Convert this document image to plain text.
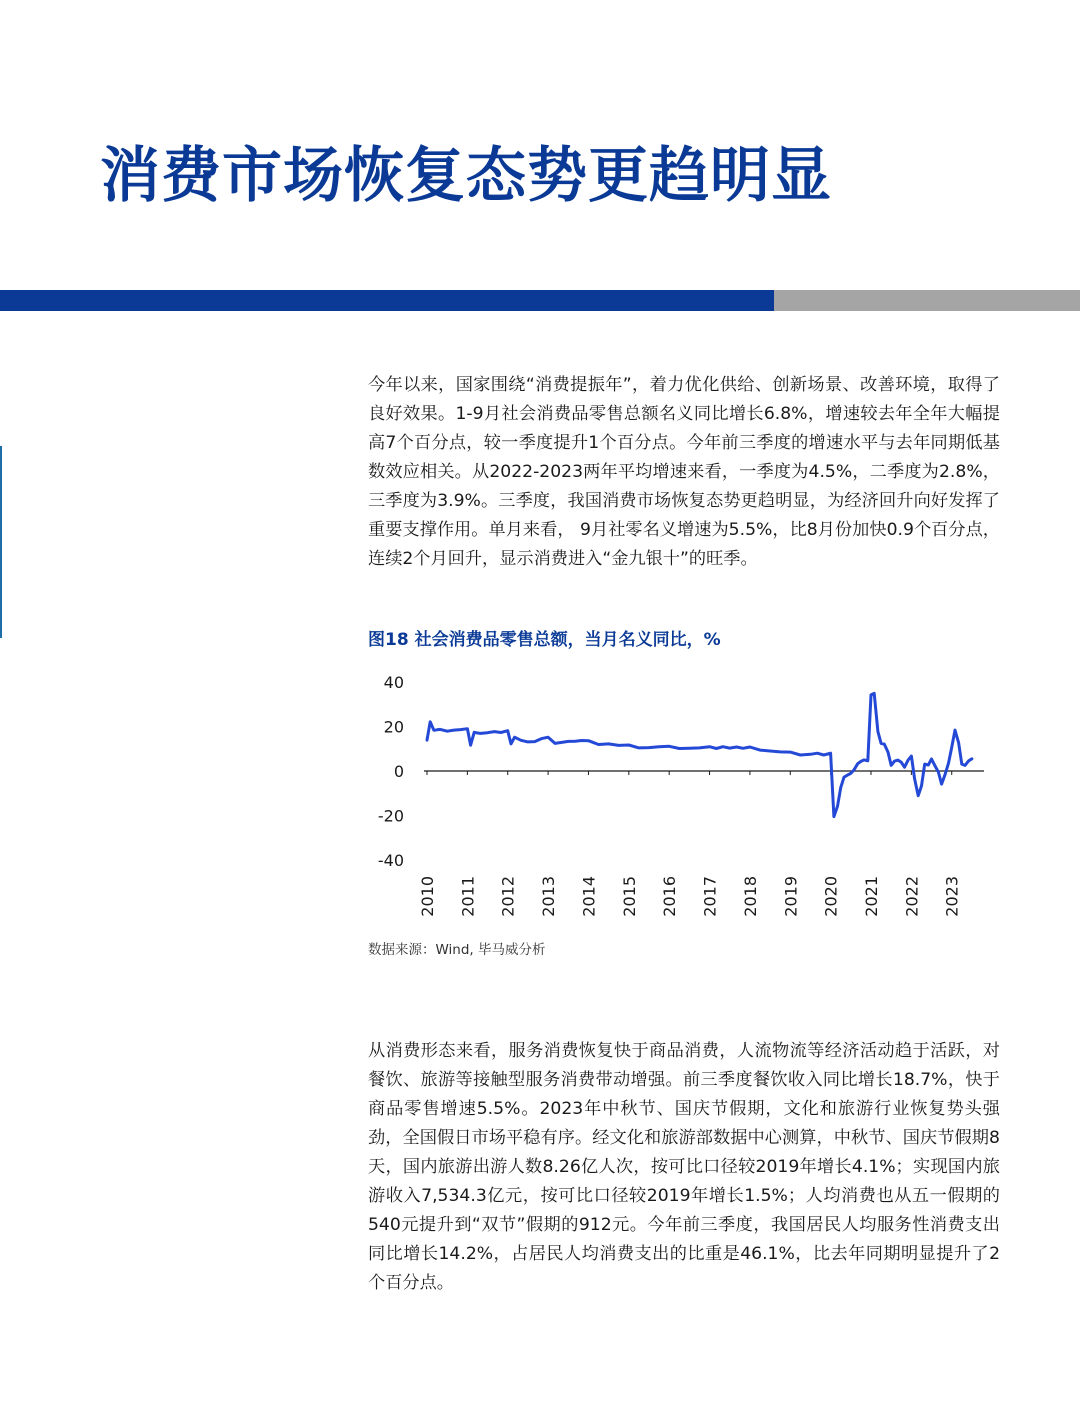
消费市场恢复态势更趋明显

今年以来，国家围绕“消费提振年”，着力优化供给、创新场景、改善环境，取得了良好效果。1-9月社会消费品零售总额名义同比增长6.8%，增速较去年全年大幅提高7个百分点，较一季度提升1个百分点。今年前三季度的增速水平与去年同期低基数效应相关。从2022-2023两年平均增速来看，一季度为4.5%，二季度为2.8%，三季度为3.9%。三季度，我国消费市场恢复态势更趋明显，为经济回升向好发挥了重要支撑作用。单月来看， 9月社零名义增速为5.5%，比8月份加快0.9个百分点，连续2个月回升，显示消费进入“金九银十”的旺季。

图18 社会消费品零售总额，当月名义同比，%

40
20
0
-20
-40
2010 2011 2012 2013 2014 2015 2016 2017 2018 2019 2020 2021 2022 2023

数据来源：Wind, 毕马威分析

从消费形态来看，服务消费恢复快于商品消费，人流物流等经济活动趋于活跃，对餐饮、旅游等接触型服务消费带动增强。前三季度餐饮收入同比增长18.7%，快于商品零售增速5.5%。2023年中秋节、国庆节假期，文化和旅游行业恢复势头强劲，全国假日市场平稳有序。经文化和旅游部数据中心测算，中秋节、国庆节假期8天，国内旅游出游人数8.26亿人次，按可比口径较2019年增长4.1%；实现国内旅游收入7,534.3亿元，按可比口径较2019年增长1.5%；人均消费也从五一假期的540元提升到“双节”假期的912元。今年前三季度，我国居民人均服务性消费支出同比增长14.2%，占居民人均消费支出的比重是46.1%，比去年同期明显提升了2个百分点。
